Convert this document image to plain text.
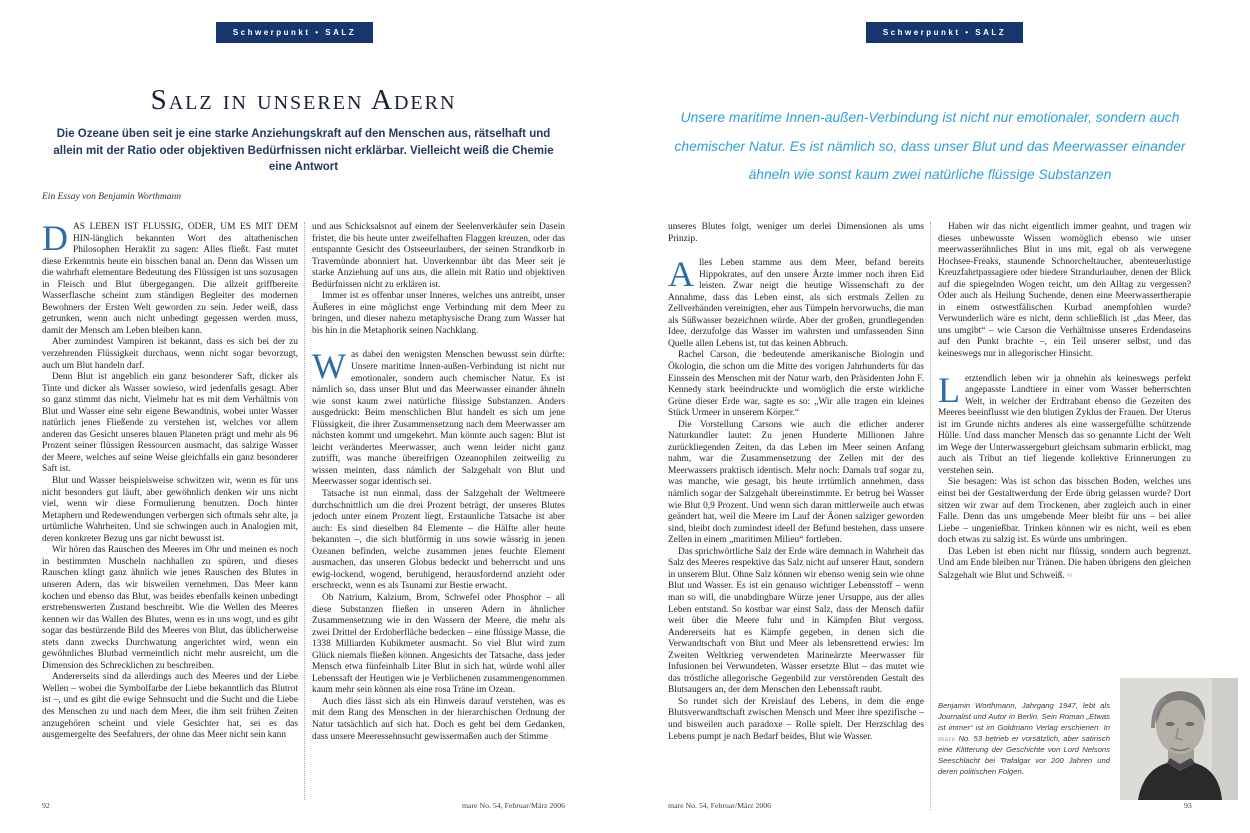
Schwerpunkt • SALZ	Schwerpunkt • SALZ
Salz in unseren Adern
Die Ozeane üben seit je eine starke Anziehungskraft auf den Menschen aus, rätselhaft und allein mit der Ratio oder objektiven Bedürfnissen nicht erklärbar. Vielleicht weiß die Chemie eine Antwort
Ein Essay von Benjamin Worthmann
Unsere maritime Innen-außen-Verbindung ist nicht nur emotionaler, sondern auch chemischer Natur. Es ist nämlich so, dass unser Blut und das Meerwasser einander ähneln wie sonst kaum zwei natürliche flüssige Substanzen

DAS LEBEN IST FLÜSSIG, ODER, UM ES MIT DEM HIN-länglich bekannten Wort des altathenischen Philosophen Heraklit zu sagen: Alles fließt. Fast mutet diese Erkenntnis heute ein bisschen banal an. Denn das Wissen um die wahrhaft elementare Bedeutung des Flüssigen ist uns sozusagen in Fleisch und Blut übergegangen. Die allzeit griffbereite Wasserflasche scheint zum ständigen Begleiter des modernen Bewohners der Ersten Welt geworden zu sein. Jeder weiß, dass getrunken, wenn auch nicht unbedingt gegessen werden muss, damit der Mensch am Leben bleiben kann.

Aber zumindest Vampiren ist bekannt, dass es sich bei der zu verzehrenden Flüssigkeit durchaus, wenn nicht sogar bevorzugt, auch um Blut handeln darf.

Denn Blut ist angeblich ein ganz besonderer Saft, dicker als Tinte und dicker als Wasser sowieso, wird jedenfalls gesagt. Aber so ganz stimmt das nicht. Vielmehr hat es mit dem Verhältnis von Blut und Wasser eine sehr eigene Bewandtnis, wobei unter Wasser natürlich jenes Fließende zu verstehen ist, welches vor allem anderen das Gesicht unseres blauen Planeten prägt und mehr als 96 Prozent seiner flüssigen Ressourcen ausmacht, das salzige Wasser der Meere, welches auf seine Weise gleichfalls ein ganz besonderer Saft ist.

Blut und Wasser beispielsweise schwitzen wir, wenn es für uns nicht besonders gut läuft, aber gewöhnlich denken wir uns nicht viel, wenn wir diese Formulierung benutzen. Doch hinter Metaphern und Redewendungen verbergen sich oftmals sehr alte, ja urtümliche Wahrheiten. Und sie schwingen auch in Analogien mit, deren konkreter Bezug uns gar nicht bewusst ist.

Wir hören das Rauschen des Meeres im Ohr und meinen es noch in bestimmten Muscheln nachhallen zu spüren, und dieses Rauschen klingt ganz ähnlich wie jenes Rauschen des Blutes in unseren Adern, das wir bisweilen vernehmen. Das Meer kann kochen und ebenso das Blut, was beides ebenfalls keinen unbedingt erstrebenswerten Zustand beschreibt. Wie die Wellen des Meeres kennen wir das Wallen des Blutes, wenn es in uns wogt, und es gibt sogar das bestürzende Bild des Meeres von Blut, das üblicherweise stets dann zwecks Durchwatung angerichtet wird, wenn ein gewöhnliches Blutbad vermeintlich nicht mehr ausreicht, um die Dimension des Schrecklichen zu beschreiben.

Andererseits sind da allerdings auch des Meeres und der Liebe Wellen – wobei die Symbolfarbe der Liebe bekanntlich das Blutrot ist –, und es gibt die ewige Sehnsucht und die Sucht und die Liebe des Menschen zu und nach dem Meer, die ihm seit frühen Zeiten anzugehören scheint und viele Gesichter hat, sei es das ausgemergelte des Seefahrers, der ohne das Meer nicht sein kann

und aus Schicksalsnot auf einem der Seelenverkäufer sein Dasein fristet, die bis heute unter zweifelhaften Flaggen kreuzen, oder das entspannte Gesicht des Ostseeurlaubers, der seinen Strandkorb in Travemünde abonniert hat. Unverkennbar übt das Meer seit je starke Anziehung auf uns aus, die allein mit Ratio und objektiven Bedürfnissen nicht zu erklären ist.

Immer ist es offenbar unser Inneres, welches uns antreibt, unser Äußeres in eine möglichst enge Verbindung mit dem Meer zu bringen, und dieser nahezu metaphysische Drang zum Wasser hat bis hin in die Metaphorik seinen Nachklang.

Was dabei den wenigsten Menschen bewusst sein dürfte: Unsere maritime Innen-außen-Verbindung ist nicht nur emotionaler, sondern auch chemischer Natur. Es ist nämlich so, dass unser Blut und das Meerwasser einander ähneln wie sonst kaum zwei natürliche flüssige Substanzen. Anders ausgedrückt: Beim menschlichen Blut handelt es sich um jene Flüssigkeit, die ihrer Zusammensetzung nach dem Meerwasser am nächsten kommt und umgekehrt. Man könnte auch sagen: Blut ist leicht verändertes Meerwasser, auch wenn leider nicht ganz zutrifft, was manche übereifrigen Ozeanophilen zeitweilig zu wissen meinten, dass nämlich der Salzgehalt von Blut und Meerwasser sogar identisch sei.

Tatsache ist nun einmal, dass der Salzgehalt der Weltmeere durchschnittlich um die drei Prozent beträgt, der unseres Blutes jedoch unter einem Prozent liegt. Erstaunliche Tatsache ist aber auch: Es sind dieselben 84 Elemente – die Hälfte aller heute bekannten –, die sich blutförmig in uns sowie wässrig in jenen Ozeanen befinden, welche zusammen jenes feuchte Element ausmachen, das unseren Globus bedeckt und beherrscht und uns ewig-lockend, wogend, beruhigend, herausfordernd anzieht oder erschreckt, wenn es als Tsunami zur Bestie erwacht.

Ob Natrium, Kalzium, Brom, Schwefel oder Phosphor – all diese Substanzen fließen in unseren Adern in ähnlicher Zusammensetzung wie in den Wassern der Meere, die mehr als zwei Drittel der Erdoberfläche bedecken – eine flüssige Masse, die 1338 Milliarden Kubikmeter ausmacht. So viel Blut wird zum Glück niemals fließen können. Angesichts der Tatsache, dass jeder Mensch etwa fünfeinhalb Liter Blut in sich hat, würde wohl aller Lebenssaft der Heutigen wie je Verblichenen zusammengenommen kaum mehr sein können als eine rosa Träne im Ozean.

Auch dies lässt sich als ein Hinweis darauf verstehen, was es mit dem Rang des Menschen in der hierarchischen Ordnung der Natur tatsächlich auf sich hat. Doch es geht bei dem Gedanken, dass unsere Meeressehnsucht gewissermaßen auch der Stimme

unseres Blutes folgt, weniger um derlei Dimensionen als ums Prinzip.

Alles Leben stamme aus dem Meer, befand bereits Hippokrates, auf den unsere Ärzte immer noch ihren Eid leisten. Zwar neigt die heutige Wissenschaft zu der Annahme, dass das Leben einst, als sich erstmals Zellen zu Zellverbänden vereinigten, eher aus Tümpeln hervorwuchs, die man als Süßwasser bezeichnen würde. Aber der großen, grundlegenden Idee, derzufolge das Wasser im wahrsten und umfassenden Sinn Quelle allen Lebens ist, tut das keinen Abbruch.

Rachel Carson, die bedeutende amerikanische Biologin und Ökologin, die schon um die Mitte des vorigen Jahrhunderts für das Einssein des Menschen mit der Natur warb, den Präsidenten John F. Kennedy stark beeindruckte und womöglich die erste wirkliche Grüne dieser Erde war, sagte es so: „Wir alle tragen ein kleines Stück Urmeer in unserem Körper.“

Die Vorstellung Carsons wie auch die etlicher anderer Naturkundler lautet: Zu jenen Hunderte Millionen Jahre zurückliegenden Zeiten, da das Leben im Meer seinen Anfang nahm, war die Zusammensetzung der Zellen mit der des Meerwassers praktisch identisch. Mehr noch: Damals traf sogar zu, was manche, wie gesagt, bis heute irrtümlich annehmen, dass nämlich sogar der Salzgehalt übereinstimmte. Er betrug bei Wasser wie Blut 0,9 Prozent. Und wenn sich daran mittlerweile auch etwas geändert hat, weil die Meere im Lauf der Äonen salziger geworden sind, bleibt doch zumindest ideell der Befund bestehen, dass unsere Zellen in einem „maritimen Milieu“ fortleben.

Das sprichwörtliche Salz der Erde wäre demnach in Wahrheit das Salz des Meeres respektive das Salz nicht auf unserer Haut, sondern in unserem Blut. Ohne Salz können wir ebenso wenig sein wie ohne Blut und Wasser. Es ist ein genauso wichtiger Lebensstoff – wenn man so will, die unabdingbare Würze jener Ursuppe, aus der alles Leben entstand. So kostbar war einst Salz, dass der Mensch dafür weit über die Meere fuhr und in Kämpfen Blut vergoss. Andererseits hat es Kämpfe gegeben, in denen sich die Verwandtschaft von Blut und Meer als lebensrettend erwies: Im Zweiten Weltkrieg verwendeten Marineärzte Meerwasser für Infusionen bei Verwundeten. Wasser ersetzte Blut – das mutet wie das tröstliche allegorische Gegenbild zur verstörenden Gestalt des Blutsaugers an, der dem Menschen den Lebenssaft raubt.

So rundet sich der Kreislauf des Lebens, in dem die enge Blutsverwandtschaft zwischen Mensch und Meer ihre spezifische – und bisweilen auch paradoxe – Rolle spielt. Der Herzschlag des Lebens pumpt je nach Bedarf beides, Blut wie Wasser.

Haben wir das nicht eigentlich immer geahnt, und tragen wir dieses unbewusste Wissen womöglich ebenso wie unser meerwasserähnliches Blut in uns mit, egal ob als verwegene Hochsee-Freaks, staunende Schnorcheltaucher, abenteuerlustige Kreuzfahrtpassagiere oder biedere Strandurlauber, denen der Blick auf die spiegelnden Wogen reicht, um den Alltag zu vergessen? Oder auch als Heilung Suchende, denen eine Meerwassertherapie in einem ostwestfälischen Kurbad anempfohlen wurde? Verwunderlich wäre es nicht, denn schließlich ist „das Meer, das uns umgibt“ – wie Carson die Verhältnisse unseres Erdendaseins auf den Punkt brachte –, ein Teil unserer selbst, und das keineswegs nur in allegorischer Hinsicht.

Letztendlich leben wir ja ohnehin als keineswegs perfekt angepasste Landtiere in einer vom Wasser beherrschten Welt, in welcher der Erdtrabant ebenso die Gezeiten des Meeres beeinflusst wie den blutigen Zyklus der Frauen. Der Uterus ist im Grunde nichts anderes als eine wassergefüllte schützende Hülle. Und dass mancher Mensch das so genannte Licht der Welt im Wege der Unterwassergeburt gleichsam submarin erblickt, mag auch als Tribut an tief liegende kollektive Erinnerungen zu verstehen sein.

Sie besagen: Was ist schon das bisschen Boden, welches uns einst bei der Gestaltwerdung der Erde übrig gelassen wurde? Dort sitzen wir zwar auf dem Trockenen, aber zugleich auch in einer Falle. Denn das uns umgebende Meer bleibt für uns – bei aller Liebe – ungenießbar. Trinken können wir es nicht, weil es eben doch etwas zu salzig ist. Es würde uns umbringen.

Das Leben ist eben nicht nur flüssig, sondern auch begrenzt. Und am Ende bleiben nur Tränen. Die haben übrigens den gleichen Salzgehalt wie Blut und Schweiß. ≈

Benjamin Worthmann, Jahrgang 1947, lebt als Journalist und Autor in Berlin. Sein Roman „Etwas ist immer“ ist im Goldmann Verlag erschienen. In mare No. 53 betrieb er vorsätzlich, aber satirisch eine Klitterung der Geschichte von Lord Nelsons Seeschlacht bei Trafalgar vor 200 Jahren und deren politischen Folgen.
92	mare No. 54, Februar/März 2006	mare No. 54, Februar/März 2006	93
